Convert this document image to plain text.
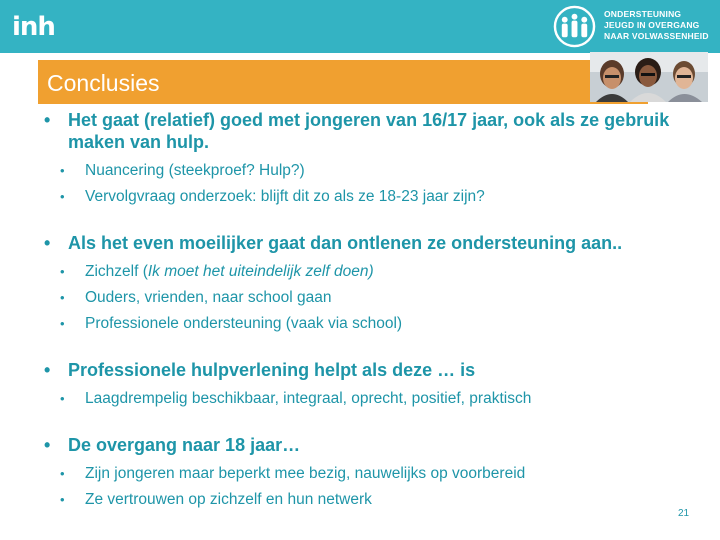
inh	ONDERSTEUNING
JEUGD IN OVERGANG
NAAR VOLWASSENHEID
Conclusies
• Het gaat (relatief) goed met jongeren van 16/17 jaar, ook als ze gebruik maken van hulp.
• Nuancering (steekproef? Hulp?)
• Vervolgvraag onderzoek: blijft dit zo als ze 18-23 jaar zijn?
• Als het even moeilijker gaat dan ontlenen ze ondersteuning aan..
• Zichzelf (Ik moet het uiteindelijk zelf doen)
• Ouders, vrienden, naar school gaan
• Professionele ondersteuning (vaak via school)
• Professionele hulpverlening helpt als deze … is
• Laagdrempelig beschikbaar, integraal, oprecht, positief, praktisch
• De overgang naar 18 jaar…
• Zijn jongeren maar beperkt mee bezig, nauwelijks op voorbereid
• Ze vertrouwen op zichzelf en hun netwerk
21
